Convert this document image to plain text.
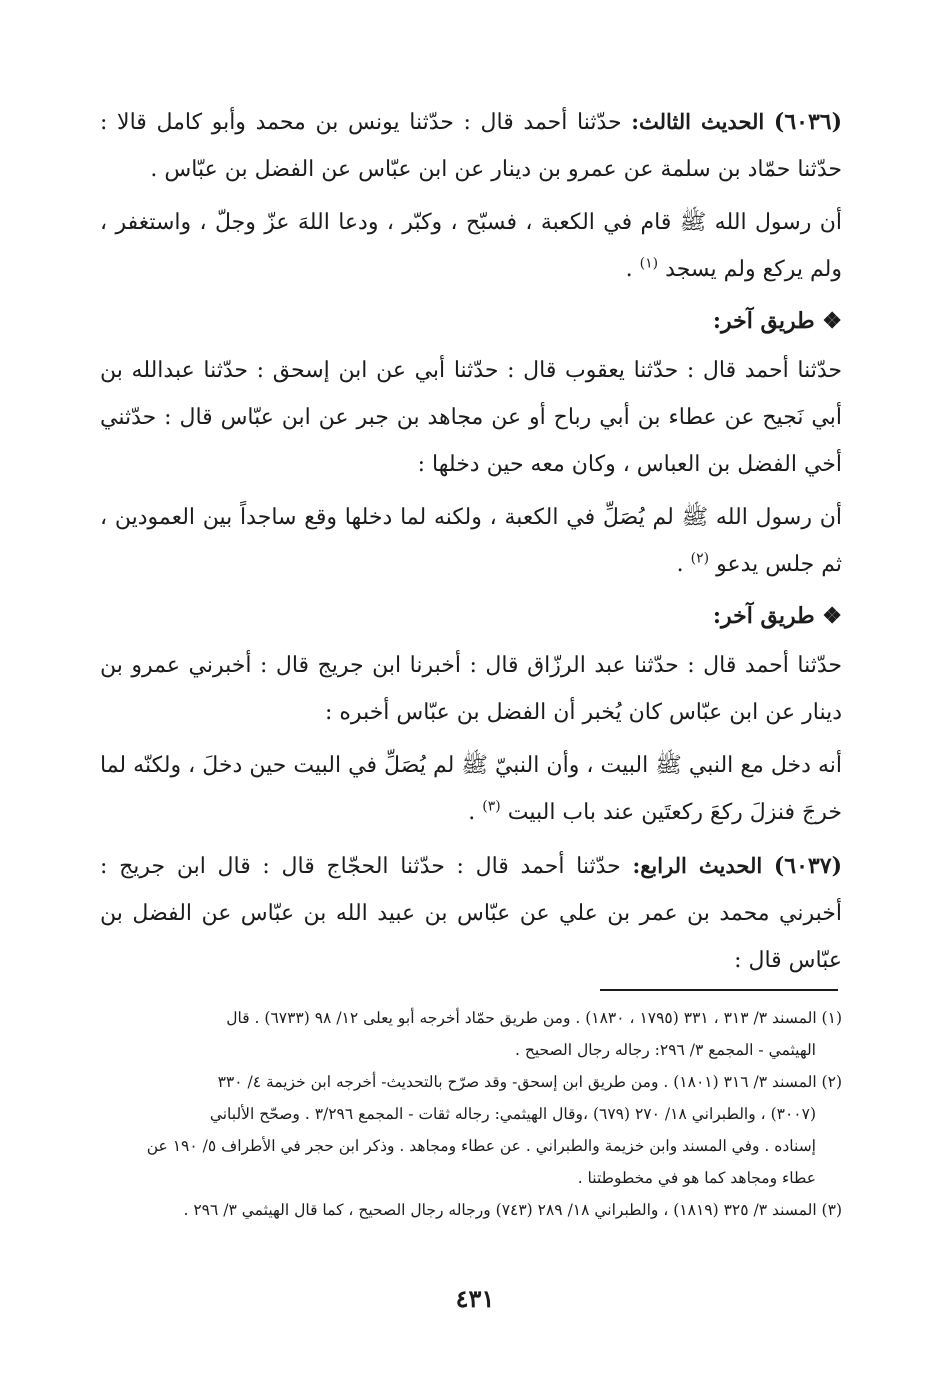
(٦٠٣٦) الحديث الثالث: حدّثنا أحمد قال : حدّثنا يونس بن محمد وأبو كامل قالا : حدّثنا حمّاد بن سلمة عن عمرو بن دينار عن ابن عبّاس عن الفضل بن عبّاس .

أن رسول الله ﷺ قام في الكعبة ، فسبّح ، وكبّر ، ودعا اللهَ عزّ وجلّ ، واستغفر ، ولم يركع ولم يسجد $^{(١)}$ .

❖ طريق آخر:

حدّثنا أحمد قال : حدّثنا يعقوب قال : حدّثنا أبي عن ابن إسحق : حدّثنا عبدالله بن أبي نَجيح عن عطاء بن أبي رباح أو عن مجاهد بن جبر عن ابن عبّاس قال : حدّثني أخي الفضل بن العباس ، وكان معه حين دخلها :

أن رسول الله ﷺ لم يُصَلِّ في الكعبة ، ولكنه لما دخلها وقع ساجداً بين العمودين ، ثم جلس يدعو $^{(٢)}$ .

❖ طريق آخر:

حدّثنا أحمد قال : حدّثنا عبد الرزّاق قال : أخبرنا ابن جريج قال : أخبرني عمرو بن دينار عن ابن عبّاس كان يُخبر أن الفضل بن عبّاس أخبره :

أنه دخل مع النبي ﷺ البيت ، وأن النبيّ ﷺ لم يُصَلِّ في البيت حين دخلَ ، ولكنّه لما خرجَ فنزلَ ركعَ ركعتَين عند باب البيت $^{(٣)}$ .

(٦٠٣٧) الحديث الرابع: حدّثنا أحمد قال : حدّثنا الحجّاج قال : قال ابن جريج : أخبرني محمد بن عمر بن علي عن عبّاس بن عبيد الله بن عبّاس عن الفضل بن عبّاس قال :

(١) المسند ٣/ ٣١٣ ، ٣٣١ (١٧٩٥ ، ١٨٣٠) . ومن طريق حمّاد أخرجه أبو يعلى ١٢/ ٩٨ (٦٧٣٣) . قال
الهيثمي - المجمع ٣/ ٢٩٦: رجاله رجال الصحيح .

(٢) المسند ٣/ ٣١٦ (١٨٠١) . ومن طريق ابن إسحق- وقد صرّح بالتحديث- أخرجه ابن خزيمة ٤/ ٣٣٠
(٣٠٠٧) ، والطبراني ١٨/ ٢٧٠ (٦٧٩) ،وقال الهيثمي: رجاله ثقات - المجمع ٣/٢٩٦ . وصحّح الألباني
إسناده . وفي المسند وابن خزيمة والطبراني . عن عطاء ومجاهد . وذكر ابن حجر في الأطراف ٥/ ١٩٠ عن
عطاء ومجاهد كما هو في مخطوطتنا .

(٣) المسند ٣/ ٣٢٥ (١٨١٩) ، والطبراني ١٨/ ٢٨٩ (٧٤٣) ورجاله رجال الصحيح ، كما قال الهيثمي ٣/ ٢٩٦ .

٤٣١
